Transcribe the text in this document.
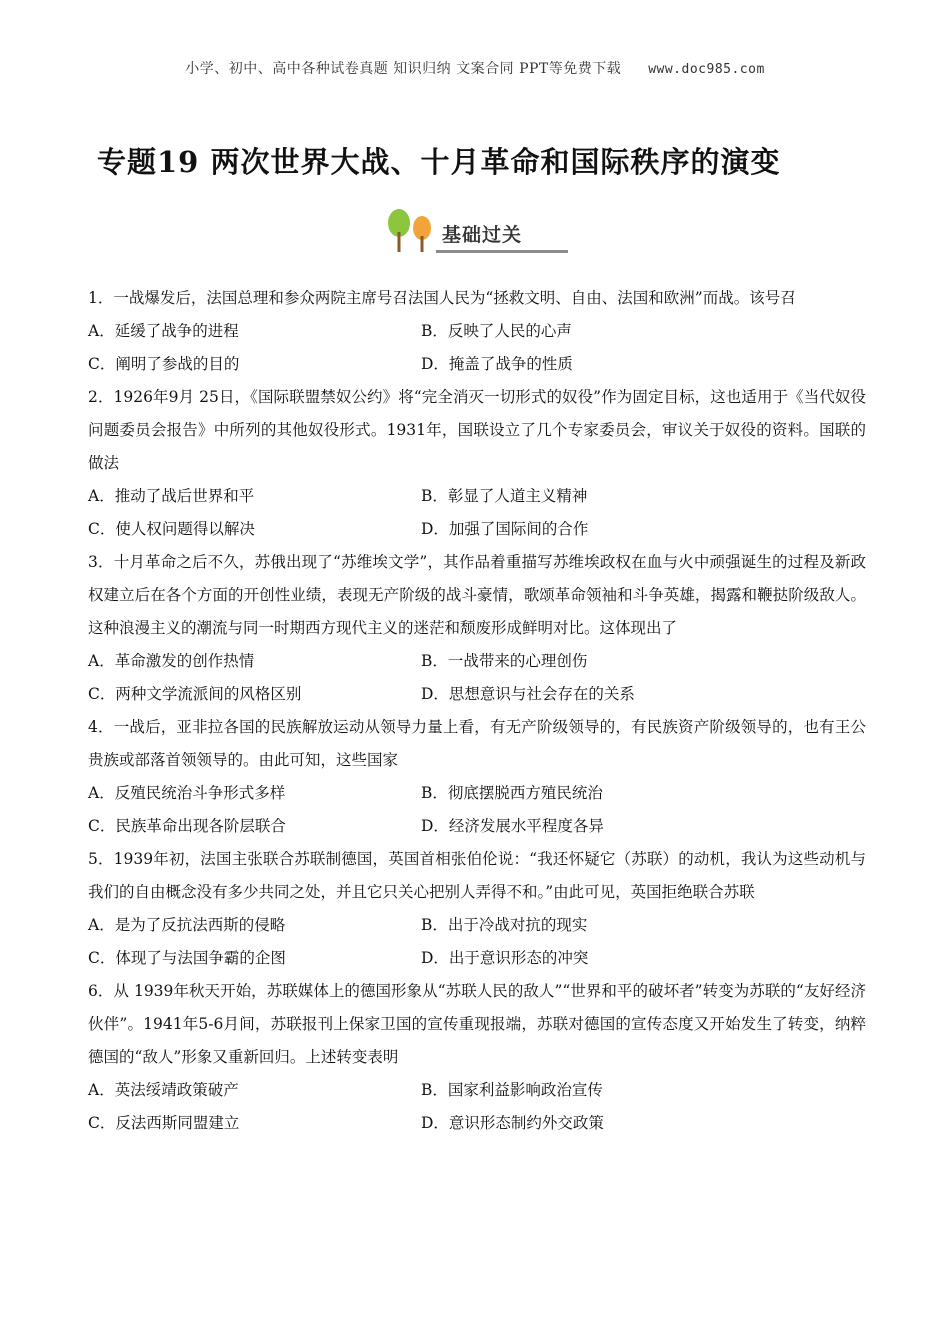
小学、初中、高中各种试卷真题 知识归纳 文案合同 PPT等免费下载 www.doc985.com
专题19 两次世界大战、十月革命和国际秩序的演变
基础过关
1．一战爆发后，法国总理和参众两院主席号召法国人民为“拯救文明、自由、法国和欧洲”而战。该号召
A．延缓了战争的进程	B．反映了人民的心声
C．阐明了参战的目的	D．掩盖了战争的性质
2．1926年9月 25日，《国际联盟禁奴公约》将“完全消灭一切形式的奴役”作为固定目标，这也适用于《当代奴役问题委员会报告》中所列的其他奴役形式。1931年，国联设立了几个专家委员会，审议关于奴役的资料。国联的做法
A．推动了战后世界和平	B．彰显了人道主义精神
C．使人权问题得以解决	D．加强了国际间的合作
3．十月革命之后不久，苏俄出现了“苏维埃文学”，其作品着重描写苏维埃政权在血与火中顽强诞生的过程及新政权建立后在各个方面的开创性业绩，表现无产阶级的战斗豪情，歌颂革命领袖和斗争英雄，揭露和鞭挞阶级敌人。这种浪漫主义的潮流与同一时期西方现代主义的迷茫和颓废形成鲜明对比。这体现出了
A．革命激发的创作热情	B．一战带来的心理创伤
C．两种文学流派间的风格区别	D．思想意识与社会存在的关系
4．一战后，亚非拉各国的民族解放运动从领导力量上看，有无产阶级领导的，有民族资产阶级领导的，也有王公贵族或部落首领领导的。由此可知，这些国家
A．反殖民统治斗争形式多样	B．彻底摆脱西方殖民统治
C．民族革命出现各阶层联合	D．经济发展水平程度各异
5．1939年初，法国主张联合苏联制德国，英国首相张伯伦说：“我还怀疑它（苏联）的动机，我认为这些动机与我们的自由概念没有多少共同之处，并且它只关心把别人弄得不和。”由此可见，英国拒绝联合苏联
A．是为了反抗法西斯的侵略	B．出于冷战对抗的现实
C．体现了与法国争霸的企图	D．出于意识形态的冲突
6．从 1939年秋天开始，苏联媒体上的德国形象从“苏联人民的敌人”“世界和平的破坏者”转变为苏联的“友好经济伙伴”。1941年5-6月间，苏联报刊上保家卫国的宣传重现报端，苏联对德国的宣传态度又开始发生了转变，纳粹德国的“敌人”形象又重新回归。上述转变表明
A．英法绥靖政策破产	B．国家利益影响政治宣传
C．反法西斯同盟建立	D．意识形态制约外交政策
